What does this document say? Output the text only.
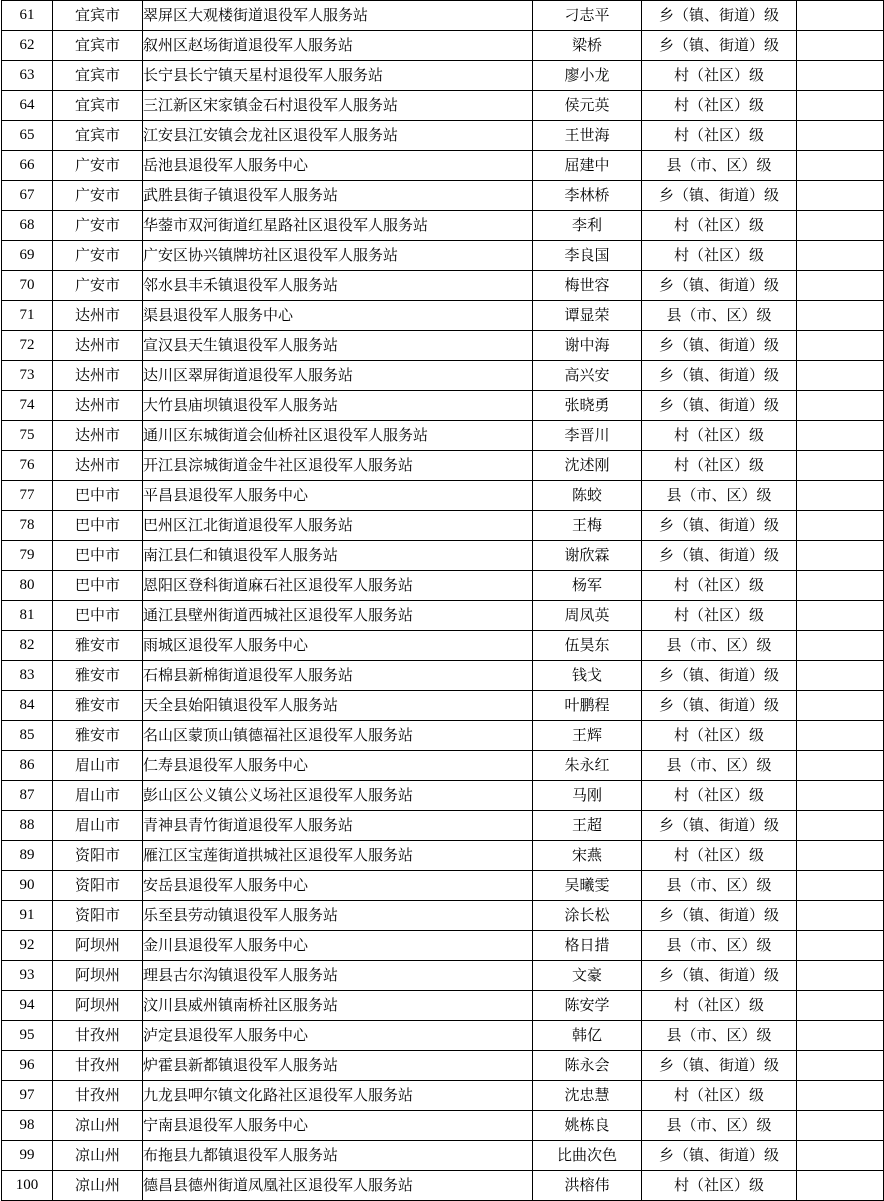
61	宜宾市	翠屏区大观楼街道退役军人服务站	刁志平	乡（镇、街道）级	
62	宜宾市	叙州区赵场街道退役军人服务站	梁桥	乡（镇、街道）级	
63	宜宾市	长宁县长宁镇天星村退役军人服务站	廖小龙	村（社区）级	
64	宜宾市	三江新区宋家镇金石村退役军人服务站	侯元英	村（社区）级	
65	宜宾市	江安县江安镇会龙社区退役军人服务站	王世海	村（社区）级	
66	广安市	岳池县退役军人服务中心	屈建中	县（市、区）级	
67	广安市	武胜县街子镇退役军人服务站	李林桥	乡（镇、街道）级	
68	广安市	华蓥市双河街道红星路社区退役军人服务站	李利	村（社区）级	
69	广安市	广安区协兴镇牌坊社区退役军人服务站	李良国	村（社区）级	
70	广安市	邻水县丰禾镇退役军人服务站	梅世容	乡（镇、街道）级	
71	达州市	渠县退役军人服务中心	谭显荣	县（市、区）级	
72	达州市	宣汉县天生镇退役军人服务站	谢中海	乡（镇、街道）级	
73	达州市	达川区翠屏街道退役军人服务站	高兴安	乡（镇、街道）级	
74	达州市	大竹县庙坝镇退役军人服务站	张晓勇	乡（镇、街道）级	
75	达州市	通川区东城街道会仙桥社区退役军人服务站	李晋川	村（社区）级	
76	达州市	开江县淙城街道金牛社区退役军人服务站	沈述刚	村（社区）级	
77	巴中市	平昌县退役军人服务中心	陈蛟	县（市、区）级	
78	巴中市	巴州区江北街道退役军人服务站	王梅	乡（镇、街道）级	
79	巴中市	南江县仁和镇退役军人服务站	谢欣霖	乡（镇、街道）级	
80	巴中市	恩阳区登科街道麻石社区退役军人服务站	杨军	村（社区）级	
81	巴中市	通江县壁州街道西城社区退役军人服务站	周凤英	村（社区）级	
82	雅安市	雨城区退役军人服务中心	伍昊东	县（市、区）级	
83	雅安市	石棉县新棉街道退役军人服务站	钱戈	乡（镇、街道）级	
84	雅安市	天全县始阳镇退役军人服务站	叶鹏程	乡（镇、街道）级	
85	雅安市	名山区蒙顶山镇德福社区退役军人服务站	王辉	村（社区）级	
86	眉山市	仁寿县退役军人服务中心	朱永红	县（市、区）级	
87	眉山市	彭山区公义镇公义场社区退役军人服务站	马刚	村（社区）级	
88	眉山市	青神县青竹街道退役军人服务站	王超	乡（镇、街道）级	
89	资阳市	雁江区宝莲街道拱城社区退役军人服务站	宋燕	村（社区）级	
90	资阳市	安岳县退役军人服务中心	吴曦雯	县（市、区）级	
91	资阳市	乐至县劳动镇退役军人服务站	涂长松	乡（镇、街道）级	
92	阿坝州	金川县退役军人服务中心	格日措	县（市、区）级	
93	阿坝州	理县古尔沟镇退役军人服务站	文豪	乡（镇、街道）级	
94	阿坝州	汶川县威州镇南桥社区服务站	陈安学	村（社区）级	
95	甘孜州	泸定县退役军人服务中心	韩亿	县（市、区）级	
96	甘孜州	炉霍县新都镇退役军人服务站	陈永会	乡（镇、街道）级	
97	甘孜州	九龙县呷尔镇文化路社区退役军人服务站	沈忠慧	村（社区）级	
98	凉山州	宁南县退役军人服务中心	姚栋良	县（市、区）级	
99	凉山州	布拖县九都镇退役军人服务站	比曲次色	乡（镇、街道）级	
100	凉山州	德昌县德州街道凤凰社区退役军人服务站	洪榕伟	村（社区）级	
